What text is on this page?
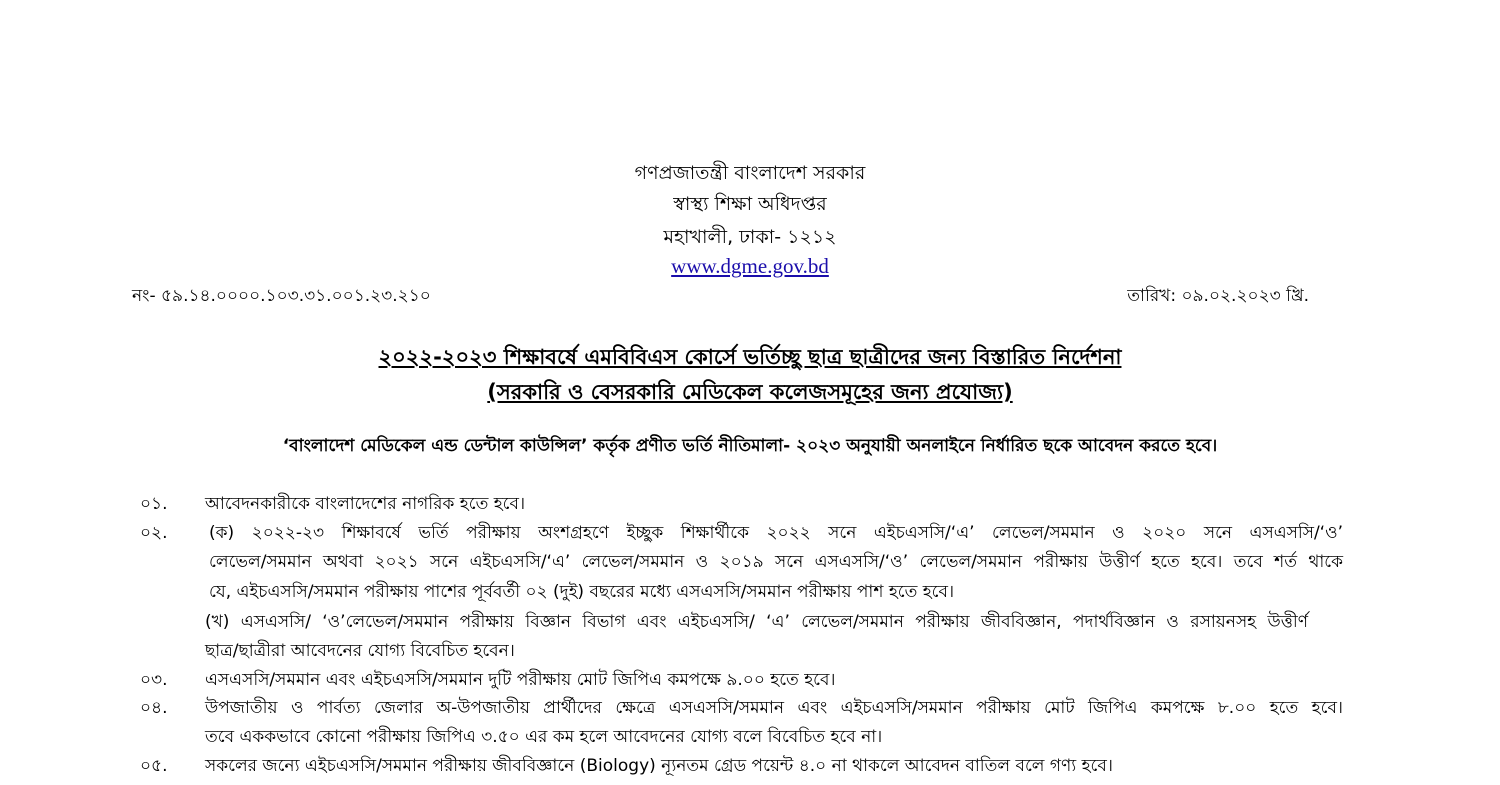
গণপ্রজাতন্ত্রী বাংলাদেশ সরকার
স্বাস্থ্য শিক্ষা অধিদপ্তর
মহাখালী, ঢাকা- ১২১২
www.dgme.gov.bd
নং- ৫৯.১৪.০০০০.১০৩.৩১.০০১.২৩.২১০	তারিখ: ০৯.০২.২০২৩ খ্রি.
২০২২-২০২৩ শিক্ষাবর্ষে এমবিবিএস কোর্সে ভর্তিচ্ছু ছাত্র ছাত্রীদের জন্য বিস্তারিত নির্দেশনা
(সরকারি ও বেসরকারি মেডিকেল কলেজসমূহের জন্য প্রযোজ্য)
‘বাংলাদেশ মেডিকেল এন্ড ডেন্টাল কাউন্সিল’ কর্তৃক প্রণীত ভর্তি নীতিমালা- ২০২৩ অনুযায়ী অনলাইনে নির্ধারিত ছকে আবেদন করতে হবে।
০১. আবেদনকারীকে বাংলাদেশের নাগরিক হতে হবে।
০২. (ক) ২০২২-২৩ শিক্ষাবর্ষে ভর্তি পরীক্ষায় অংশগ্রহণে ইচ্ছুক শিক্ষার্থীকে ২০২২ সনে এইচএসসি/‘এ’ লেভেল/সমমান ও ২০২০ সনে এসএসসি/‘ও’
লেভেল/সমমান অথবা ২০২১ সনে এইচএসসি/‘এ’ লেভেল/সমমান ও ২০১৯ সনে এসএসসি/‘ও’ লেভেল/সমমান পরীক্ষায় উত্তীর্ণ হতে হবে। তবে শর্ত থাকে
যে, এইচএসসি/সমমান পরীক্ষায় পাশের পূর্ববর্তী ০২ (দুই) বছরের মধ্যে এসএসসি/সমমান পরীক্ষায় পাশ হতে হবে।
(খ) এসএসসি/ ‘ও’লেভেল/সমমান পরীক্ষায় বিজ্ঞান বিভাগ এবং এইচএসসি/ ‘এ’ লেভেল/সমমান পরীক্ষায় জীববিজ্ঞান, পদার্থবিজ্ঞান ও রসায়নসহ উত্তীর্ণ
ছাত্র/ছাত্রীরা আবেদনের যোগ্য বিবেচিত হবেন।
০৩. এসএসসি/সমমান এবং এইচএসসি/সমমান দুটি পরীক্ষায় মোট জিপিএ কমপক্ষে ৯.০০ হতে হবে।
০৪. উপজাতীয় ও পার্বত্য জেলার অ-উপজাতীয় প্রার্থীদের ক্ষেত্রে এসএসসি/সমমান এবং এইচএসসি/সমমান পরীক্ষায় মোট জিপিএ কমপক্ষে ৮.০০ হতে হবে।
তবে এককভাবে কোনো পরীক্ষায় জিপিএ ৩.৫০ এর কম হলে আবেদনের যোগ্য বলে বিবেচিত হবে না।
০৫. সকলের জন্যে এইচএসসি/সমমান পরীক্ষায় জীববিজ্ঞানে (Biology) ন্যূনতম গ্রেড পয়েন্ট ৪.০ না থাকলে আবেদন বাতিল বলে গণ্য হবে।
